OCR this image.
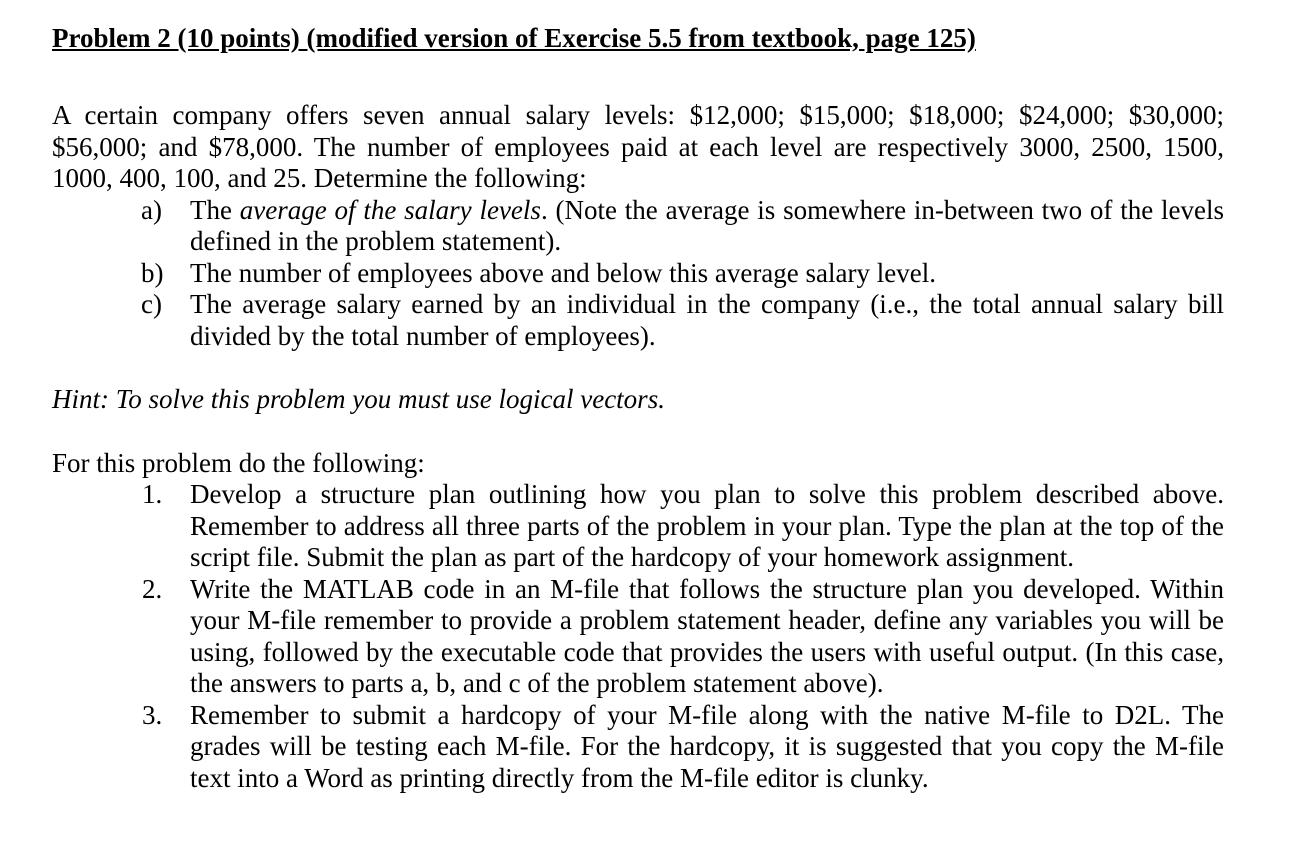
Problem 2 (10 points) (modified version of Exercise 5.5 from textbook, page 125)

A certain company offers seven annual salary levels: $12,000; $15,000; $18,000; $24,000; $30,000; $56,000; and $78,000. The number of employees paid at each level are respectively 3000, 2500, 1500, 1000, 400, 100, and 25. Determine the following:

a) The average of the salary levels. (Note the average is somewhere in-between two of the levels defined in the problem statement).
b) The number of employees above and below this average salary level.
c) The average salary earned by an individual in the company (i.e., the total annual salary bill divided by the total number of employees).

Hint: To solve this problem you must use logical vectors.

For this problem do the following:

1. Develop a structure plan outlining how you plan to solve this problem described above. Remember to address all three parts of the problem in your plan. Type the plan at the top of the script file. Submit the plan as part of the hardcopy of your homework assignment.
2. Write the MATLAB code in an M-file that follows the structure plan you developed. Within your M-file remember to provide a problem statement header, define any variables you will be using, followed by the executable code that provides the users with useful output. (In this case, the answers to parts a, b, and c of the problem statement above).
3. Remember to submit a hardcopy of your M-file along with the native M-file to D2L. The grades will be testing each M-file. For the hardcopy, it is suggested that you copy the M-file text into a Word as printing directly from the M-file editor is clunky.
